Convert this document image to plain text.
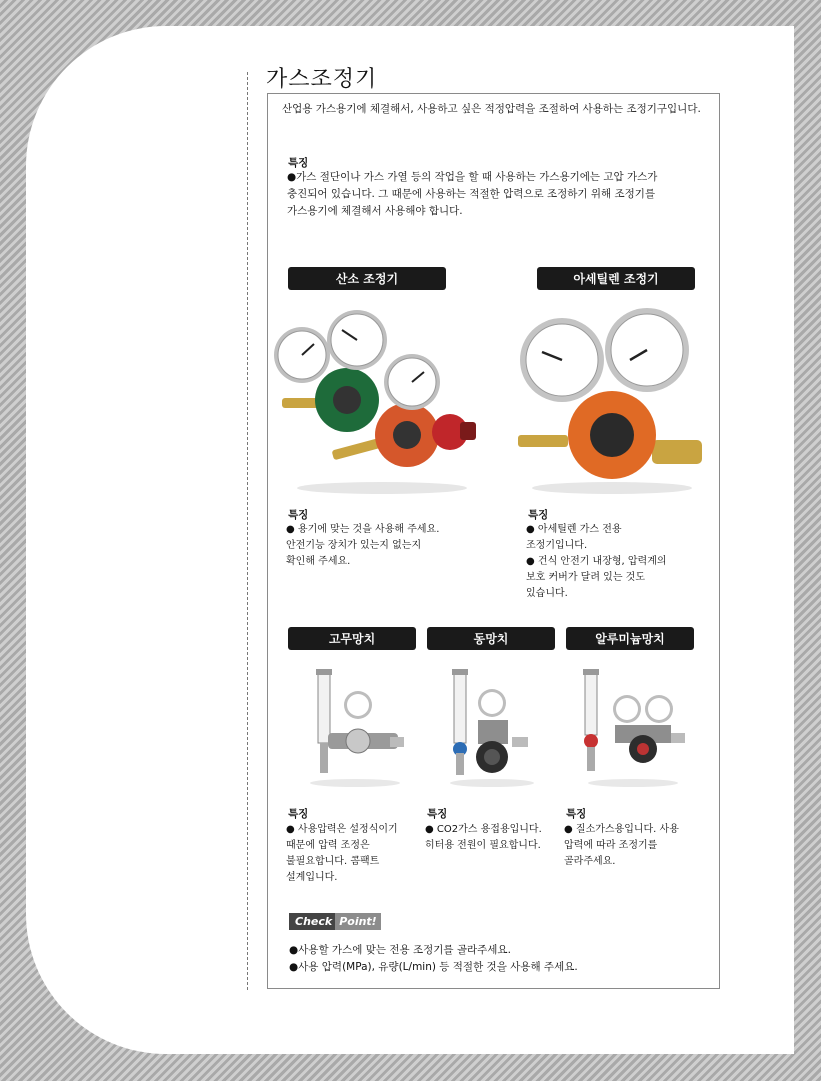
가스조정기
산업용 가스용기에 체결해서, 사용하고 싶은 적정압력을 조절하여 사용하는 조정기구입니다.
특징
●가스 절단이나 가스 가열 등의 작업을 할 때 사용하는 가스용기에는 고압 가스가
충진되어 있습니다. 그 때문에 사용하는 적절한 압력으로 조정하기 위해 조정기를
가스용기에 체결해서 사용해야 합니다.
산소 조정기	아세틸렌 조정기
특징
● 용기에 맞는 것을 사용해 주세요.
안전기능 장치가 있는지 없는지
확인해 주세요.
특징
● 아세틸렌 가스 전용
조정기입니다.
● 건식 안전기 내장형, 압력계의
보호 커버가 달려 있는 것도
있습니다.
고무망치	동망치	알루미늄망치
특징
● 사용압력은 설정식이기
때문에 압력 조정은
불필요합니다. 콤팩트
설계입니다.
특징
● CO2가스 용접용입니다.
히터용 전원이 필요합니다.
특징
● 질소가스용입니다. 사용
압력에 따라 조정기를
골라주세요.
Check Point!
●사용할 가스에 맞는 전용 조정기를 골라주세요.
●사용 압력(MPa), 유량(L/min) 등 적절한 것을 사용해 주세요.
